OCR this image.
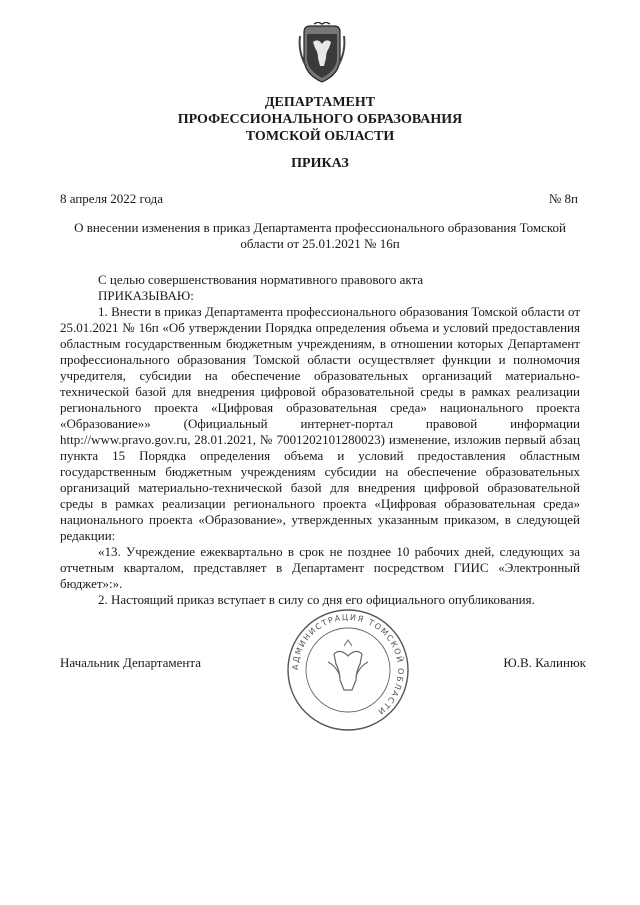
ДЕПАРТАМЕНТ
ПРОФЕССИОНАЛЬНОГО ОБРАЗОВАНИЯ
ТОМСКОЙ ОБЛАСТИ
ПРИКАЗ
8 апреля 2022 года	№ 8п
О внесении изменения в приказ Департамента профессионального образования Томской области от 25.01.2021 № 16п

С целью совершенствования нормативного правового акта

ПРИКАЗЫВАЮ:

1. Внести в приказ Департамента профессионального образования Томской области от 25.01.2021 № 16п «Об утверждении Порядка определения объема и условий предоставления областным государственным бюджетным учреждениям, в отношении которых Департамент профессионального образования Томской области осуществляет функции и полномочия учредителя, субсидии на обеспечение образовательных организаций материально-технической базой для внедрения цифровой образовательной среды в рамках реализации регионального проекта «Цифровая образовательная среда» национального проекта «Образование»» (Официальный интернет-портал правовой информации http://www.pravo.gov.ru, 28.01.2021, № 7001202101280023) изменение, изложив первый абзац пункта 15 Порядка определения объема и условий предоставления областным государственным бюджетным учреждениям субсидии на обеспечение образовательных организаций материально-технической базой для внедрения цифровой образовательной среды в рамках реализации регионального проекта «Цифровая образовательная среда» национального проекта «Образование», утвержденных указанным приказом, в следующей редакции:

«13. Учреждение ежеквартально в срок не позднее 10 рабочих дней, следующих за отчетным кварталом, представляет в Департамент посредством ГИИС «Электронный бюджет»:».

2. Настоящий приказ вступает в силу со дня его официального опубликования.

АДМИНИСТРАЦИЯ ТОМСКОЙ ОБЛАСТИ
Начальник Департамента	Ю.В. Калинюк
